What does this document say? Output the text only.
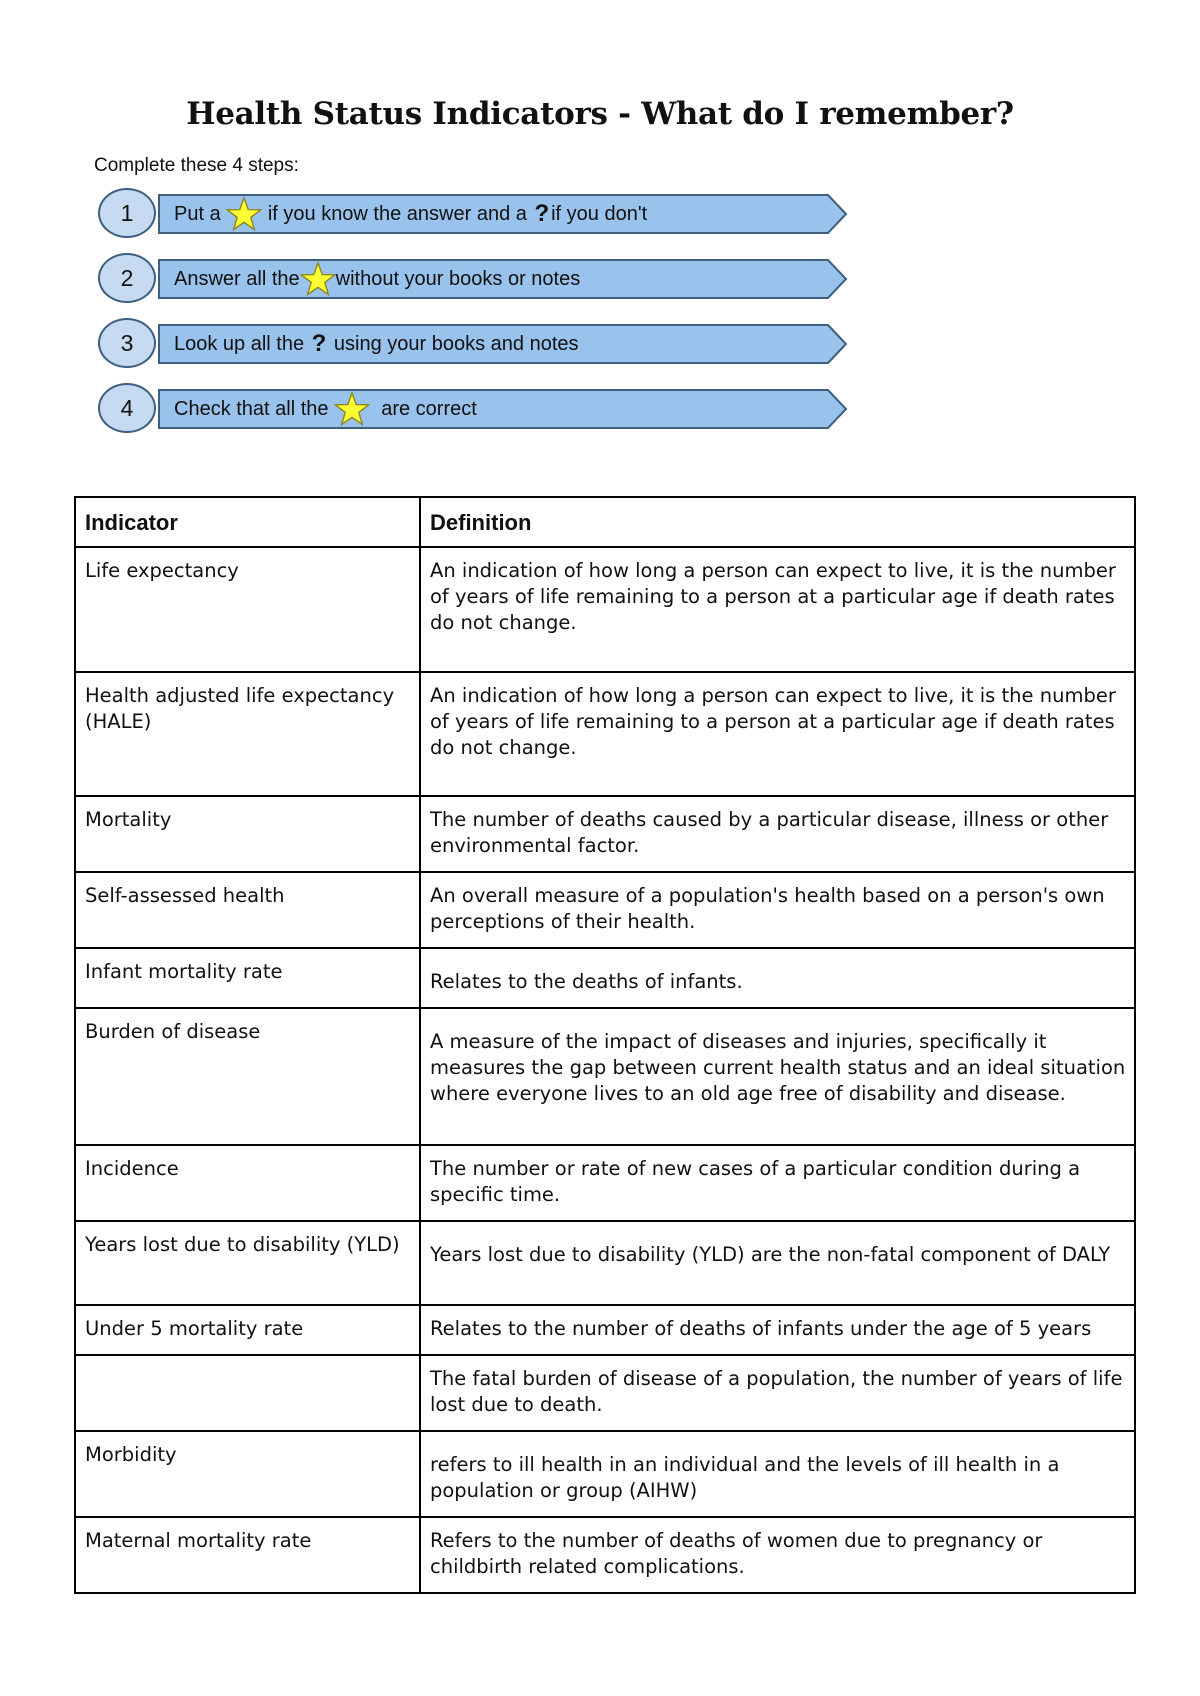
Health Status Indicators - What do I remember?
Complete these 4 steps:
1	Put a

if you know the answer and a
? if you don't
2	Answer all the without your books or notes
3	Look up all the
?
using your books and notes
4	Check that all the

	are correct
Indicator	Definition
Life expectancy	An indication of how long a person can expect to live, it is the number of years of life remaining to a person at a particular age if death rates do not change.
Health adjusted life expectancy (HALE)	An indication of how long a person can expect to live, it is the number of years of life remaining to a person at a particular age if death rates do not change.
Mortality	The number of deaths caused by a particular disease, illness or other environmental factor.
Self-assessed health	An overall measure of a population's health based on a person's own perceptions of their health.
Infant mortality rate	Relates to the deaths of infants.
Burden of disease	A measure of the impact of diseases and injuries, specifically it measures the gap between current health status and an ideal situation where everyone lives to an old age free of disability and disease.
Incidence	The number or rate of new cases of a particular condition during a specific time.
Years lost due to disability (YLD)	Years lost due to disability (YLD) are the non-fatal component of DALY
Under 5 mortality rate	Relates to the number of deaths of infants under the age of 5 years
	The fatal burden of disease of a population, the number of years of life lost due to death.
Morbidity	refers to ill health in an individual and the levels of ill health in a population or group (AIHW)
Maternal mortality rate	Refers to the number of deaths of women due to pregnancy or childbirth related complications.
